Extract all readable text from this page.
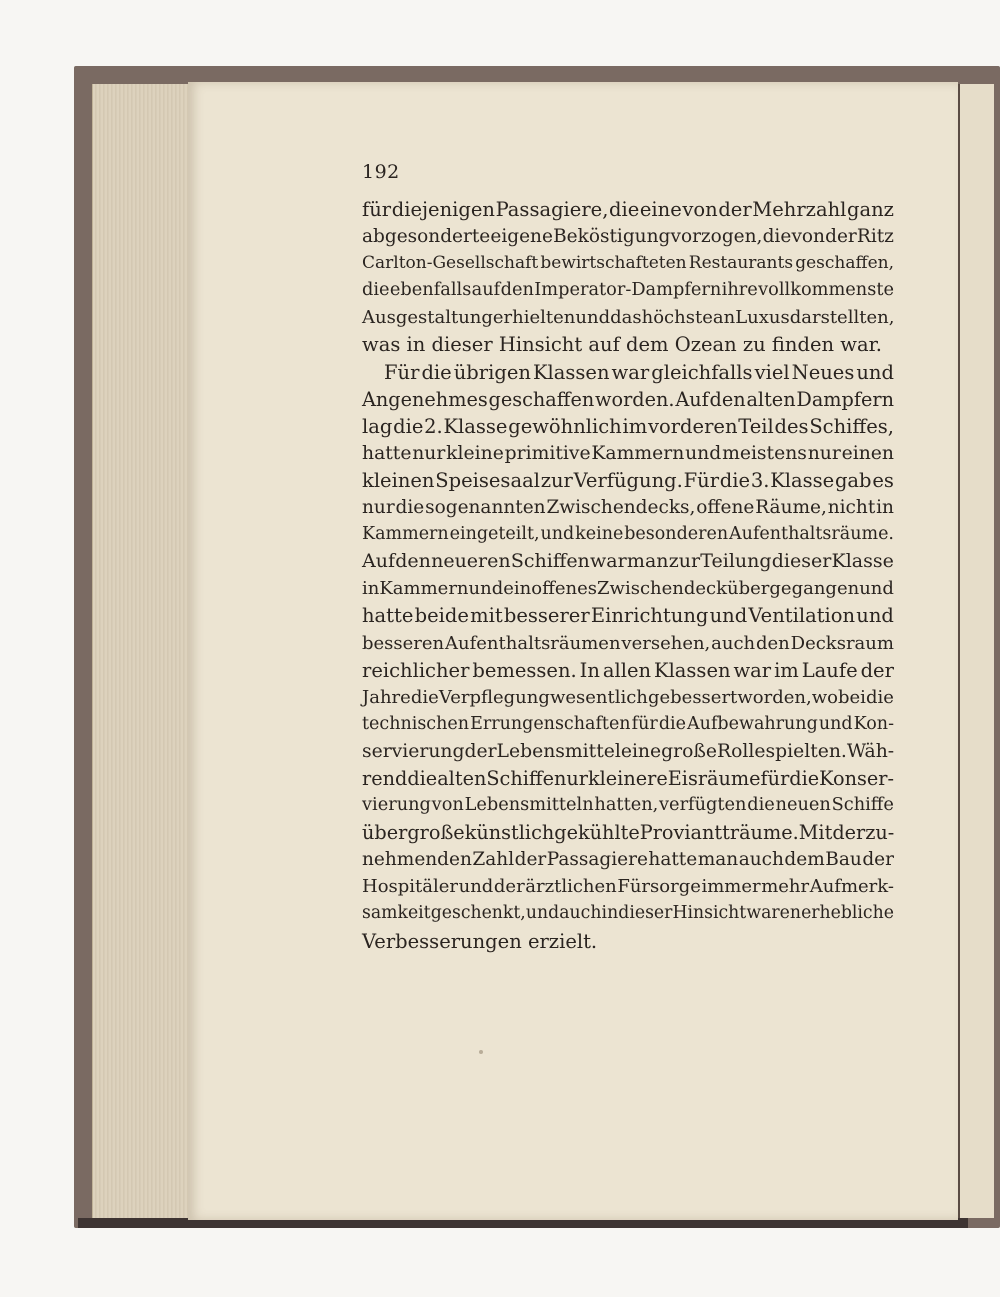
192
für diejenigen Passagiere, die eine von der Mehrzahl ganz
abgesonderte eigene Beköstigung vorzogen, die von der Ritz
Carlton-Gesellschaft bewirtschafteten Restaurants geschaffen,
die ebenfalls auf den Imperator-Dampfern ihre vollkommenste
Ausgestaltung erhielten und das höchste an Luxus darstellten,
was in dieser Hinsicht auf dem Ozean zu finden war.
Für die übrigen Klassen war gleichfalls viel Neues und
Angenehmes geschaffen worden. Auf den alten Dampfern
lag die 2. Klasse gewöhnlich im vorderen Teil des Schiffes,
hatte nur kleine primitive Kammern und meistens nur einen
kleinen Speisesaal zur Verfügung. Für die 3. Klasse gab es
nur die sogenannten Zwischendecks, offene Räume, nicht in
Kammern eingeteilt, und keine besonderen Aufenthaltsräume.
Auf den neueren Schiffen war man zur Teilung dieser Klasse
in Kammern und ein offenes Zwischendeck übergegangen und
hatte beide mit besserer Einrichtung und Ventilation und
besseren Aufenthaltsräumen versehen, auch den Decksraum
reichlicher bemessen. In allen Klassen war im Laufe der
Jahre die Verpflegung wesentlich gebessert worden, wobei die
technischen Errungenschaften für die Aufbewahrung und Kon-
servierung der Lebensmittel eine große Rolle spielten. Wäh-
rend die alten Schiffe nur kleinere Eisräume für die Konser-
vierung von Lebensmitteln hatten, verfügten die neuen Schiffe
über große künstlich gekühlte Proviantträume. Mit der zu-
nehmenden Zahl der Passagiere hatte man auch dem Bau der
Hospitäler und der ärztlichen Fürsorge immer mehr Aufmerk-
samkeit geschenkt, und auch in dieser Hinsicht waren erhebliche
Verbesserungen erzielt.
